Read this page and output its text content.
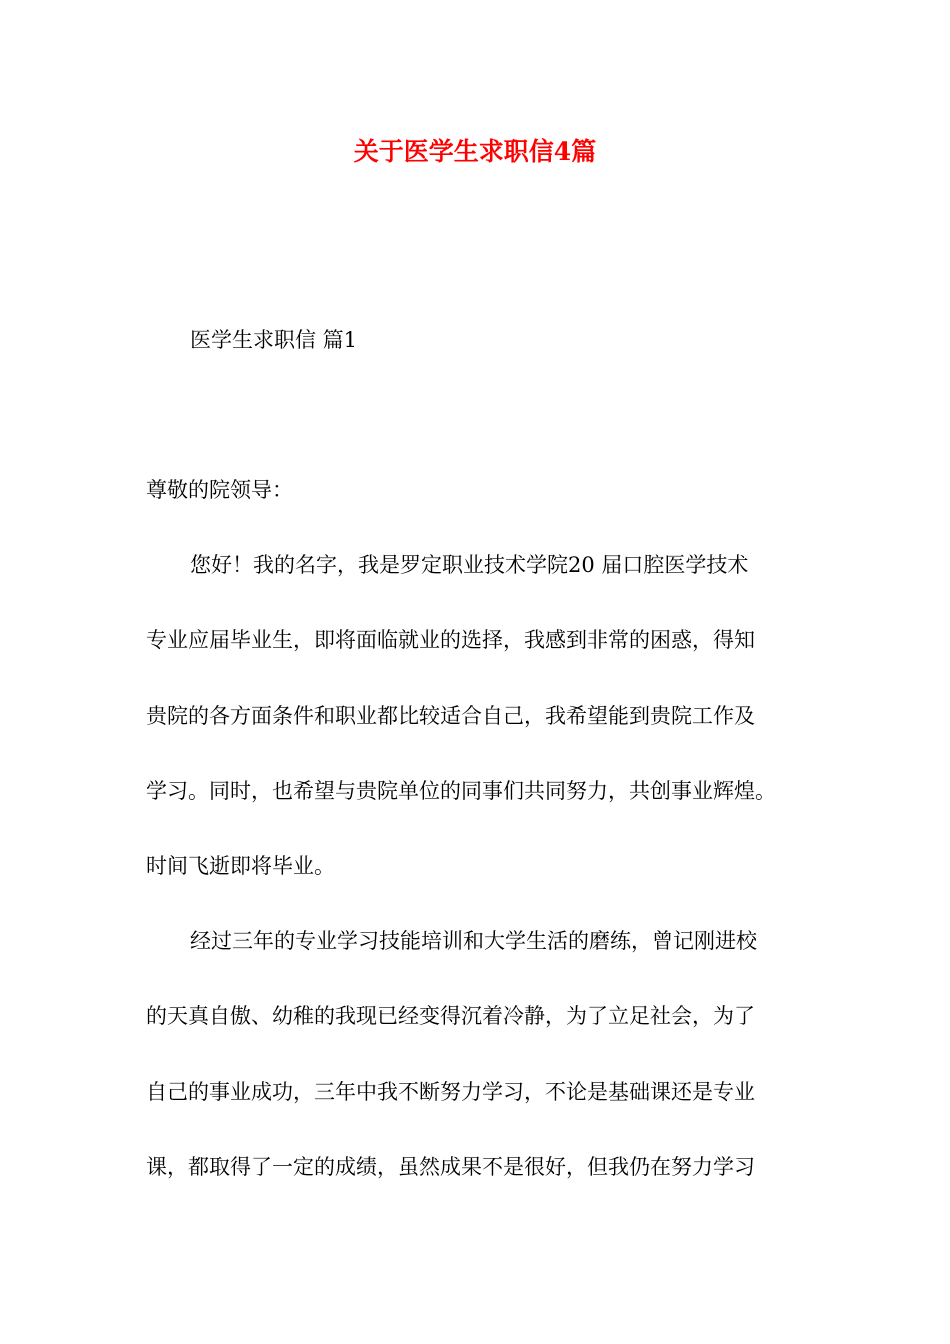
关于医学生求职信4篇
医学生求职信 篇1
尊敬的院领导：
您好！我的名字，我是罗定职业技术学院20 届口腔医学技术
专业应届毕业生，即将面临就业的选择，我感到非常的困惑，得知
贵院的各方面条件和职业都比较适合自己，我希望能到贵院工作及
学习。同时，也希望与贵院单位的同事们共同努力，共创事业辉煌。
时间飞逝即将毕业。
经过三年的专业学习技能培训和大学生活的磨练，曾记刚进校
的天真自傲、幼稚的我现已经变得沉着冷静，为了立足社会，为了
自己的事业成功，三年中我不断努力学习，不论是基础课还是专业
课，都取得了一定的成绩，虽然成果不是很好，但我仍在努力学习
